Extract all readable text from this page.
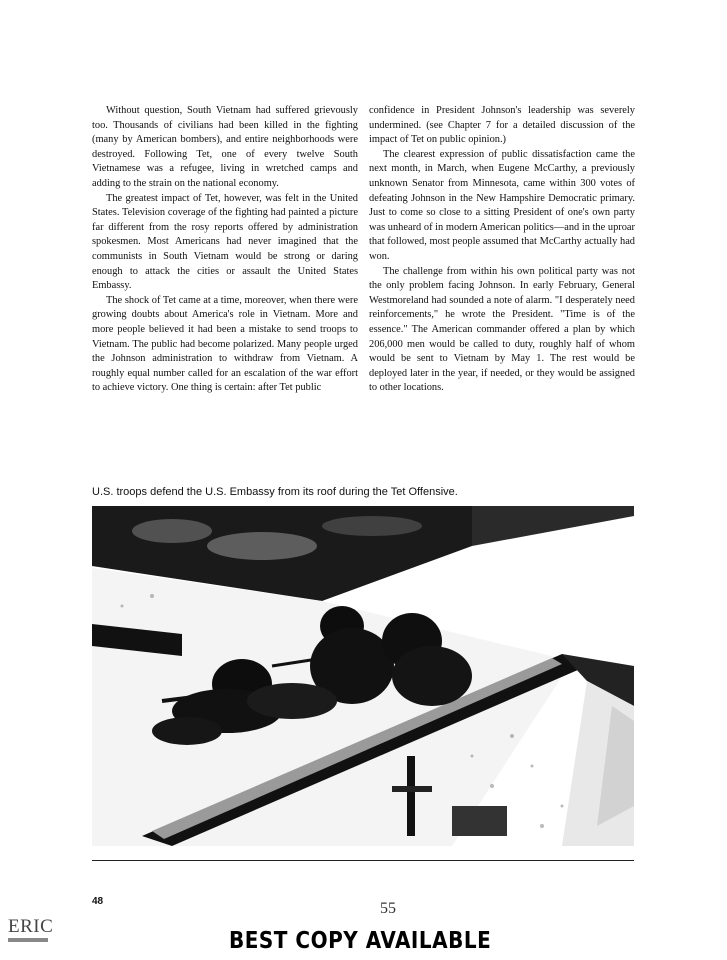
Without question, South Vietnam had suffered grievously too. Thousands of civilians had been killed in the fighting (many by American bombers), and entire neighborhoods were destroyed. Following Tet, one of every twelve South Vietnamese was a refugee, living in wretched camps and adding to the strain on the national economy.

The greatest impact of Tet, however, was felt in the United States. Television coverage of the fighting had painted a picture far different from the rosy reports offered by administration spokesmen. Most Americans had never imagined that the communists in South Vietnam would be strong or daring enough to attack the cities or assault the United States Embassy.

The shock of Tet came at a time, moreover, when there were growing doubts about America's role in Vietnam. More and more people believed it had been a mistake to send troops to Vietnam. The public had become polarized. Many people urged the Johnson administration to withdraw from Vietnam. A roughly equal number called for an escalation of the war effort to achieve victory. One thing is certain: after Tet public

confidence in President Johnson's leadership was severely undermined. (see Chapter 7 for a detailed discussion of the impact of Tet on public opinion.)

The clearest expression of public dissatisfaction came the next month, in March, when Eugene McCarthy, a previously unknown Senator from Minnesota, came within 300 votes of defeating Johnson in the New Hampshire Democratic primary. Just to come so close to a sitting President of one's own party was unheard of in modern American politics—and in the uproar that followed, most people assumed that McCarthy actually had won.

The challenge from within his own political party was not the only problem facing Johnson. In early February, General Westmoreland had sounded a note of alarm. "I desperately need reinforcements," he wrote the President. "Time is of the essence." The American commander offered a plan by which 206,000 men would be called to duty, roughly half of whom would be sent to Vietnam by May 1. The rest would be deployed later in the year, if needed, or they would be assigned to other locations.

U.S. troops defend the U.S. Embassy from its roof during the Tet Offensive.
48	55
BEST COPY AVAILABLE
ERIC
